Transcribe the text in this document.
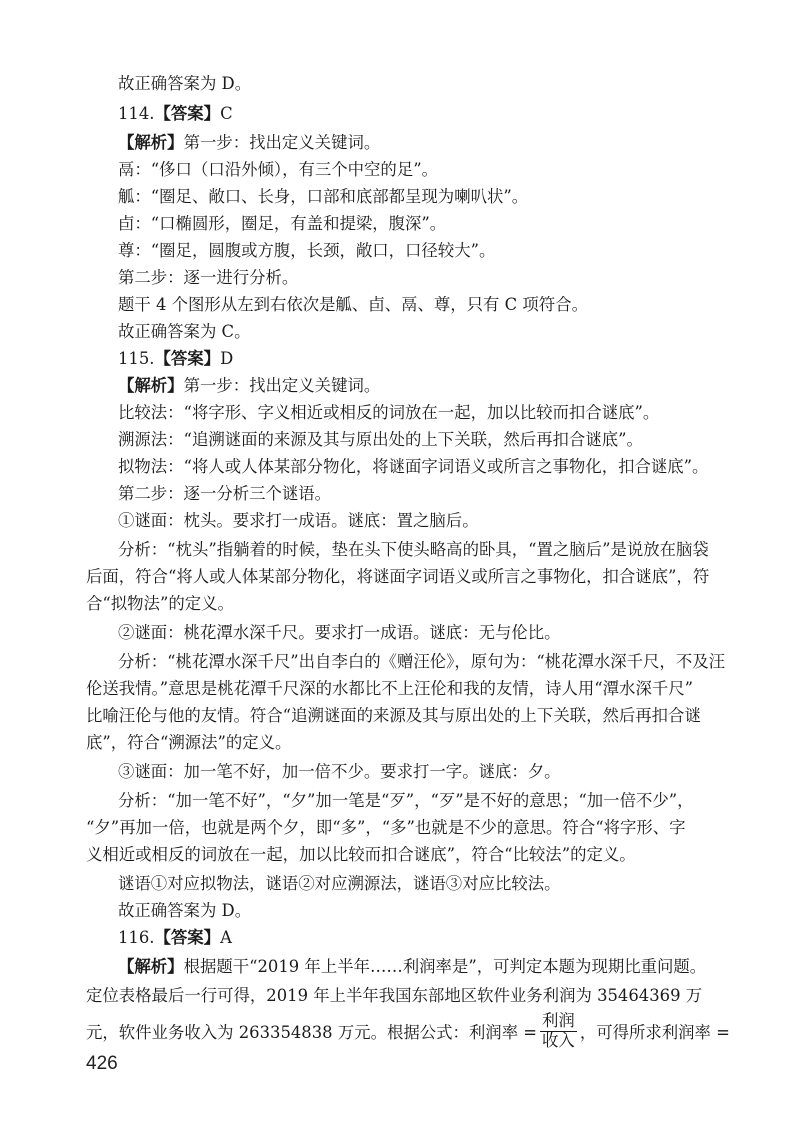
故正确答案为 D。
114.【答案】C
【解析】第一步：找出定义关键词。
鬲：“侈口（口沿外倾），有三个中空的足”。
觚：“圈足、敞口、长身，口部和底部都呈现为喇叭状”。
卣：“口椭圆形，圈足，有盖和提梁，腹深”。
尊：“圈足，圆腹或方腹，长颈，敞口，口径较大”。
第二步：逐一进行分析。
题干 4 个图形从左到右依次是觚、卣、鬲、尊，只有 C 项符合。
故正确答案为 C。
115.【答案】D
【解析】第一步：找出定义关键词。
比较法：“将字形、字义相近或相反的词放在一起，加以比较而扣合谜底”。
溯源法：“追溯谜面的来源及其与原出处的上下关联，然后再扣合谜底”。
拟物法：“将人或人体某部分物化，将谜面字词语义或所言之事物化，扣合谜底”。
第二步：逐一分析三个谜语。
①谜面：枕头。要求打一成语。谜底：置之脑后。
分析：“枕头”指躺着的时候，垫在头下使头略高的卧具，“置之脑后”是说放在脑袋
后面，符合“将人或人体某部分物化，将谜面字词语义或所言之事物化，扣合谜底”，符
合“拟物法”的定义。
②谜面：桃花潭水深千尺。要求打一成语。谜底：无与伦比。
分析：“桃花潭水深千尺”出自李白的《赠汪伦》，原句为：“桃花潭水深千尺，不及汪
伦送我情。”意思是桃花潭千尺深的水都比不上汪伦和我的友情，诗人用“潭水深千尺”
比喻汪伦与他的友情。符合“追溯谜面的来源及其与原出处的上下关联，然后再扣合谜
底”，符合“溯源法”的定义。
③谜面：加一笔不好，加一倍不少。要求打一字。谜底：夕。
分析：“加一笔不好”，“夕”加一笔是“歹”，“歹”是不好的意思；“加一倍不少”，
“夕”再加一倍，也就是两个夕，即“多”，“多”也就是不少的意思。符合“将字形、字
义相近或相反的词放在一起，加以比较而扣合谜底”，符合“比较法”的定义。
谜语①对应拟物法，谜语②对应溯源法，谜语③对应比较法。
故正确答案为 D。
116.【答案】A
【解析】根据题干“2019 年上半年……利润率是”，可判定本题为现期比重问题。
定位表格最后一行可得，2019 年上半年我国东部地区软件业务利润为 35464369 万
元，软件业务收入为 263354838 万元。根据公式：利润率 = $\frac{\text{利润}}{\text{收入}}$ ，可得所求利润率 =
426
